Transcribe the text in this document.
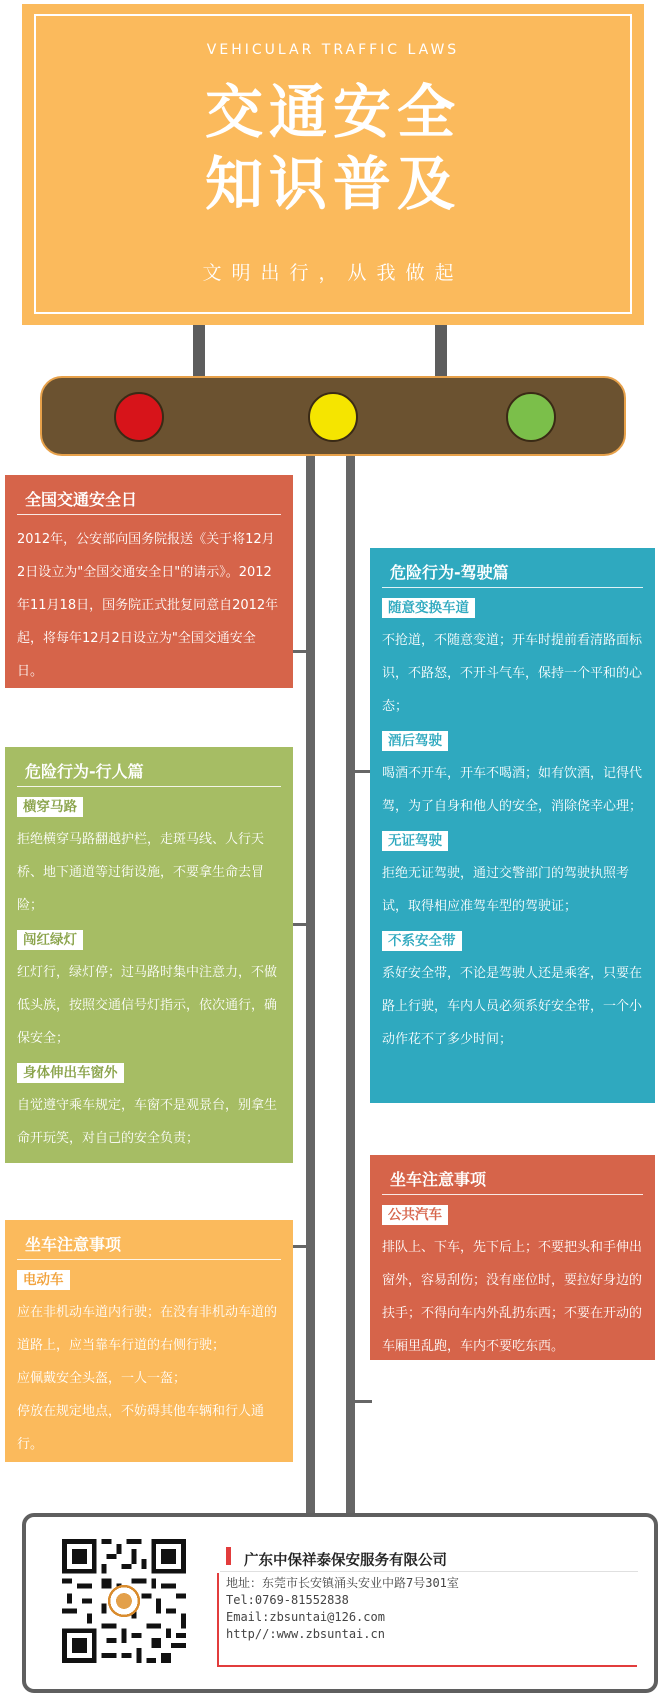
VEHICULAR TRAFFIC LAWS
交通安全
知识普及
文明出行，从我做起
全国交通安全日

2012年，公安部向国务院报送《关于将12月2日设立为"全国交通安全日"的请示》。2012年11月18日，国务院正式批复同意自2012年起，将每年12月2日设立为"全国交通安全日。

危险行为-行人篇
横穿马路

拒绝横穿马路翻越护栏，走斑马线、人行天桥、地下通道等过街设施，不要拿生命去冒险；

闯红绿灯

红灯行，绿灯停；过马路时集中注意力，不做低头族，按照交通信号灯指示，依次通行，确保安全；

身体伸出车窗外

自觉遵守乘车规定，车窗不是观景台，别拿生命开玩笑，对自己的安全负责；

危险行为-驾驶篇
随意变换车道

不抢道，不随意变道；开车时提前看清路面标识，不路怒，不开斗气车，保持一个平和的心态；

酒后驾驶

喝酒不开车，开车不喝酒；如有饮酒，记得代驾，为了自身和他人的安全，消除侥幸心理；

无证驾驶

拒绝无证驾驶，通过交警部门的驾驶执照考试，取得相应准驾车型的驾驶证；

不系安全带

系好安全带，不论是驾驶人还是乘客，只要在路上行驶，车内人员必须系好安全带，一个小动作花不了多少时间；

坐车注意事项
公共汽车

排队上、下车，先下后上；不要把头和手伸出窗外，容易刮伤；没有座位时，要拉好身边的扶手；不得向车内外乱扔东西；不要在开动的车厢里乱跑，车内不要吃东西。

坐车注意事项
电动车

应在非机动车道内行驶；在没有非机动车道的道路上，应当靠车行道的右侧行驶；

应佩戴安全头盔，一人一盔；

停放在规定地点，不妨碍其他车辆和行人通行。

广东中保祥泰保安服务有限公司
地址：东莞市长安镇涌头安业中路7号301室
Tel:0769-81552838
Email:zbsuntai@126.com
http//:www.zbsuntai.cn
